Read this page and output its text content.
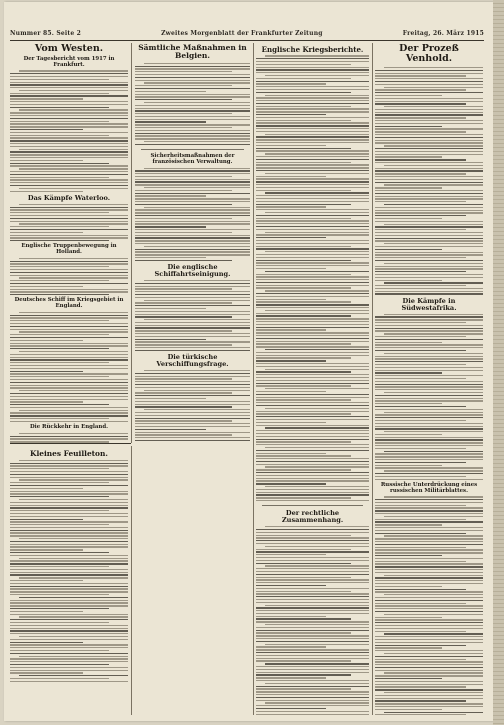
Nummer 85. Seite 2	Zweites Morgenblatt der Frankfurter Zeitung	Freitag, 26. März 1915
Vom Westen.
Der Tagesbericht vom 1917 in Frankfurt.
Das Kämpfe Waterloo.
Englische Truppenbewegung in Holland.
Deutsches Schiff im Kriegsgebiet in England.
Die Rückkehr in England.
Sämtliche Maßnahmen in Belgien.
Sicherheitsmaßnahmen der französischen Verwaltung.
Die englische Schiffahrtseinigung.
Die türkische Verschiffungsfrage.
Englische Kriegsberichte.
Der rechtliche Zusammenhang.
Der Prozeß Venhold.
Die Kämpfe in Südwestafrika.
Russische Unterdrückung eines russischen Militärblattes.
Kleines Feuilleton.
